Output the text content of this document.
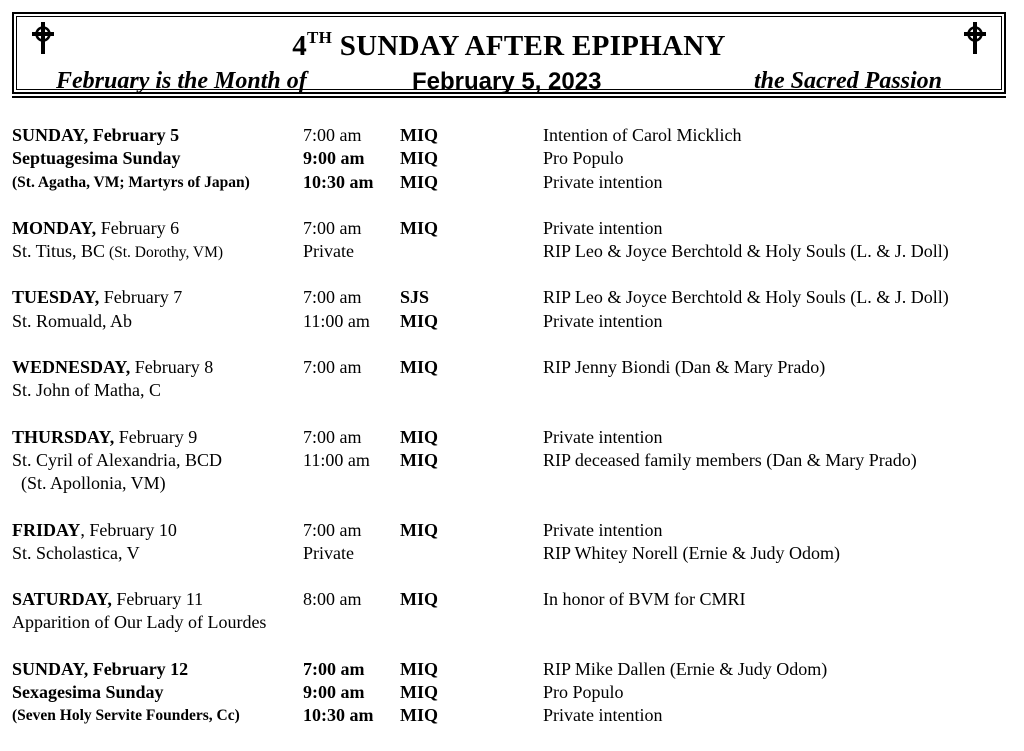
4TH SUNDAY AFTER EPIPHANY
February is the Month of	February 5, 2023	the Sacred Passion
SUNDAY, February 5	7:00 am MIQ	Intention of Carol Micklich
Septuagesima Sunday	9:00 am MIQ	Pro Populo
(St. Agatha, VM; Martyrs of Japan)	10:30 am MIQ	Private intention
MONDAY, February 6	7:00 am MIQ	Private intention
St. Titus, BC (St. Dorothy, VM)	Private	RIP Leo & Joyce Berchtold & Holy Souls (L. & J. Doll)
TUESDAY, February 7	7:00 am SJS	RIP Leo & Joyce Berchtold & Holy Souls (L. & J. Doll)
St. Romuald, Ab	11:00 am MIQ	Private intention
WEDNESDAY, February 8	7:00 am MIQ	RIP Jenny Biondi (Dan & Mary Prado)
St. John of Matha, C
THURSDAY, February 9	7:00 am MIQ	Private intention
St. Cyril of Alexandria, BCD	11:00 am MIQ	RIP deceased family members (Dan & Mary Prado)
(St. Apollonia, VM)
FRIDAY, February 10	7:00 am MIQ	Private intention
St. Scholastica, V	Private	RIP Whitey Norell (Ernie & Judy Odom)
SATURDAY, February 11	8:00 am MIQ	In honor of BVM for CMRI
Apparition of Our Lady of Lourdes
SUNDAY, February 12	7:00 am MIQ	RIP Mike Dallen (Ernie & Judy Odom)
Sexagesima Sunday	9:00 am MIQ	Pro Populo
(Seven Holy Servite Founders, Cc)	10:30 am MIQ	Private intention
